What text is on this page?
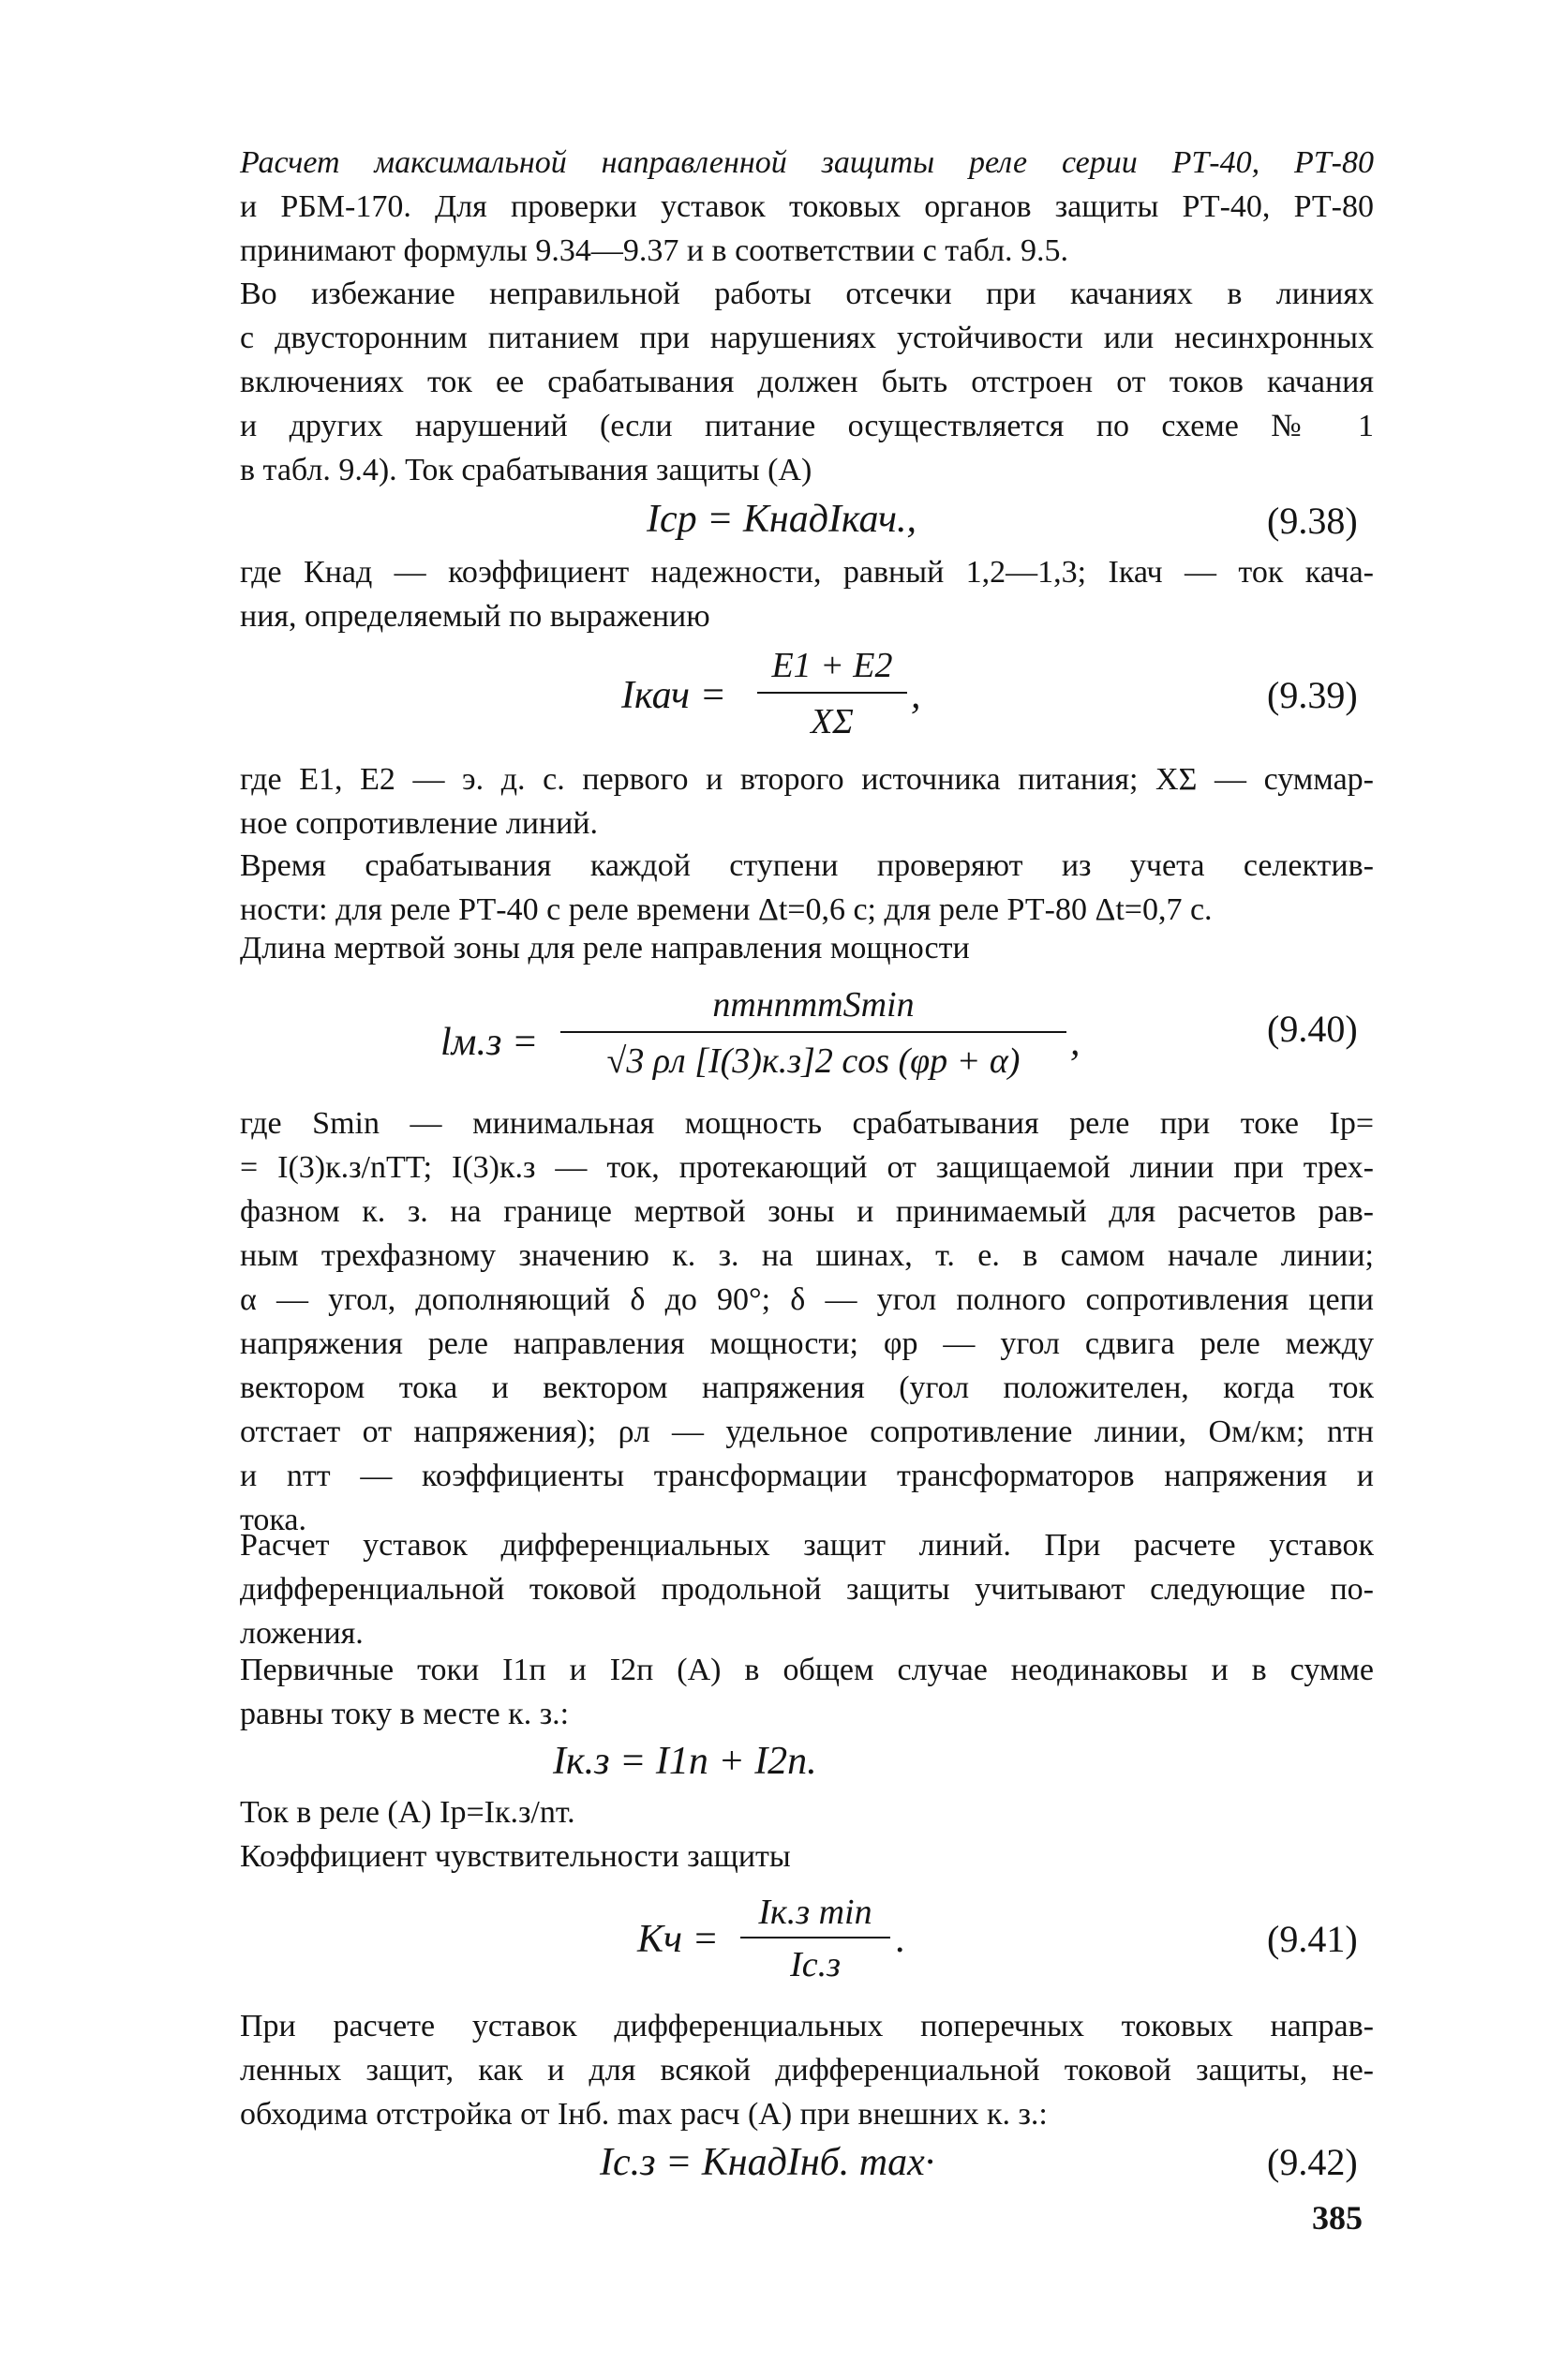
Расчет максимальной направленной защиты реле серии РТ-40, РТ-80
и РБМ-170. Для проверки уставок токовых органов защиты РТ-40, РТ-80
принимают формулы 9.34—9.37 и в соответствии с табл. 9.5.
Во избежание неправильной работы отсечки при качаниях в линиях
с двусторонним питанием при нарушениях устойчивости или несинхронных
включениях ток ее срабатывания должен быть отстроен от токов качания
и других нарушений (если питание осуществляется по схеме № 1
в табл. 9.4). Ток срабатывания защиты (А)
Iср = КнадIкач.,	(9.38)
где Кнад — коэффициент надежности, равный 1,2—1,3; Iкач — ток кача-
ния, определяемый по выражению
Iкач =
E1 + E2
XΣ
,	(9.39)
где E1, E2 — э. д. с. первого и второго источника питания; XΣ — суммар-
ное сопротивление линий.
Время срабатывания каждой ступени проверяют из учета селектив-
ности: для реле РТ-40 с реле времени Δt=0,6 с; для реле РТ-80 Δt=0,7 с.
Длина мертвой зоны для реле направления мощности
lм.з =
nтнnттSmin
√3 ρл [I(3)к.з]2 cos (φр + α)	,	(9.40)
где Smin — минимальная мощность срабатывания реле при токе Iр=
= I(3)к.з/nTT; I(3)к.з — ток, протекающий от защищаемой линии при трех-
фазном к. з. на границе мертвой зоны и принимаемый для расчетов рав-
ным трехфазному значению к. з. на шинах, т. е. в самом начале линии;
α — угол, дополняющий δ до 90°; δ — угол полного сопротивления цепи
напряжения реле направления мощности; φр — угол сдвига реле между
вектором тока и вектором напряжения (угол положителен, когда ток
отстает от напряжения); ρл — удельное сопротивление линии, Ом/км; nтн
и nтт — коэффициенты трансформации трансформаторов напряжения и
тока.
Расчет уставок дифференциальных защит линий. При расчете уставок
дифференциальной токовой продольной защиты учитывают следующие по-
ложения.
Первичные токи I1п и I2п (А) в общем случае неодинаковы и в сумме
равны току в месте к. з.:
Iк.з = I1п + I2п.
Ток в реле (А) Iр=Iк.з/nт.
Коэффициент чувствительности защиты
Kч =
Iк.з min
Iс.з
.	(9.41)
При расчете уставок дифференциальных поперечных токовых направ-
ленных защит, как и для всякой дифференциальной токовой защиты, не-
обходима отстройка от Iнб. max расч (А) при внешних к. з.:
Iс.з = КнадIнб. max·	(9.42)
385
